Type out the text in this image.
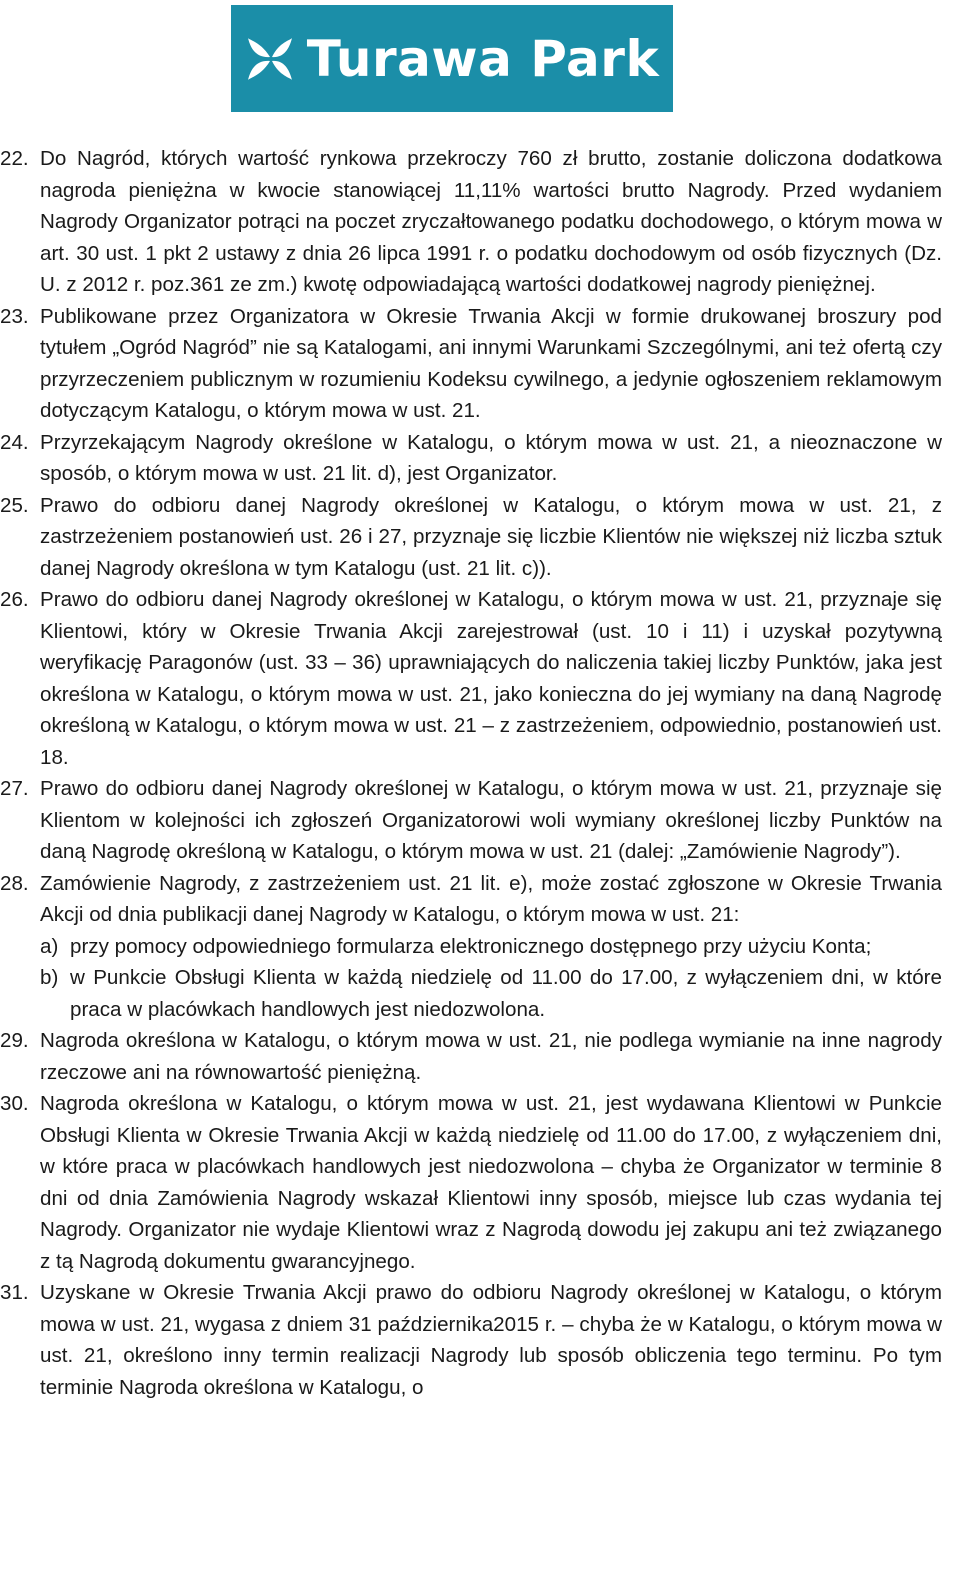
Turawa Park
22. Do Nagród, których wartość rynkowa przekroczy 760 zł brutto, zostanie doliczona dodatkowa nagroda pieniężna w kwocie stanowiącej 11,11% wartości brutto Nagrody. Przed wydaniem Nagrody Organizator potrąci na poczet zryczałtowanego podatku dochodowego, o którym mowa w art. 30 ust. 1 pkt 2 ustawy z dnia 26 lipca 1991 r. o podatku dochodowym od osób fizycznych (Dz. U. z 2012 r. poz.361 ze zm.) kwotę odpowiadającą wartości dodatkowej nagrody pieniężnej.
23. Publikowane przez Organizatora w Okresie Trwania Akcji w formie drukowanej broszury pod tytułem „Ogród Nagród” nie są Katalogami, ani innymi Warunkami Szczególnymi, ani też ofertą czy przyrzeczeniem publicznym w rozumieniu Kodeksu cywilnego, a jedynie ogłoszeniem reklamowym dotyczącym Katalogu, o którym mowa w ust. 21.
24. Przyrzekającym Nagrody określone w Katalogu, o którym mowa w ust. 21, a nieoznaczone w sposób, o którym mowa w ust. 21 lit. d), jest Organizator.
25. Prawo do odbioru danej Nagrody określonej w Katalogu, o którym mowa w ust. 21, z zastrzeżeniem postanowień ust. 26 i 27, przyznaje się liczbie Klientów nie większej niż liczba sztuk danej Nagrody określona w tym Katalogu (ust. 21 lit. c)).
26. Prawo do odbioru danej Nagrody określonej w Katalogu, o którym mowa w ust. 21, przyznaje się Klientowi, który w Okresie Trwania Akcji zarejestrował (ust. 10 i 11) i uzyskał pozytywną weryfikację Paragonów (ust. 33 – 36) uprawniających do naliczenia takiej liczby Punktów, jaka jest określona w Katalogu, o którym mowa w ust. 21, jako konieczna do jej wymiany na daną Nagrodę określoną w Katalogu, o którym mowa w ust. 21 – z zastrzeżeniem, odpowiednio, postanowień ust. 18.
27. Prawo do odbioru danej Nagrody określonej w Katalogu, o którym mowa w ust. 21, przyznaje się Klientom w kolejności ich zgłoszeń Organizatorowi woli wymiany określonej liczby Punktów na daną Nagrodę określoną w Katalogu, o którym mowa w ust. 21 (dalej: „Zamówienie Nagrody”).
28. Zamówienie Nagrody, z zastrzeżeniem ust. 21 lit. e), może zostać zgłoszone w Okresie Trwania Akcji od dnia publikacji danej Nagrody w Katalogu, o którym mowa w ust. 21:
a) przy pomocy odpowiedniego formularza elektronicznego dostępnego przy użyciu Konta;
b) w Punkcie Obsługi Klienta w każdą niedzielę od 11.00 do 17.00, z wyłączeniem dni, w które praca w placówkach handlowych jest niedozwolona.
29. Nagroda określona w Katalogu, o którym mowa w ust. 21, nie podlega wymianie na inne nagrody rzeczowe ani na równowartość pieniężną.
30. Nagroda określona w Katalogu, o którym mowa w ust. 21, jest wydawana Klientowi w Punkcie Obsługi Klienta w Okresie Trwania Akcji w każdą niedzielę od 11.00 do 17.00, z wyłączeniem dni, w które praca w placówkach handlowych jest niedozwolona – chyba że Organizator w terminie 8 dni od dnia Zamówienia Nagrody wskazał Klientowi inny sposób, miejsce lub czas wydania tej Nagrody. Organizator nie wydaje Klientowi wraz z Nagrodą dowodu jej zakupu ani też związanego z tą Nagrodą dokumentu gwarancyjnego.
31. Uzyskane w Okresie Trwania Akcji prawo do odbioru Nagrody określonej w Katalogu, o którym mowa w ust. 21, wygasa z dniem 31 października2015 r. – chyba że w Katalogu, o którym mowa w ust. 21, określono inny termin realizacji Nagrody lub sposób obliczenia tego terminu. Po tym terminie Nagroda określona w Katalogu, o
